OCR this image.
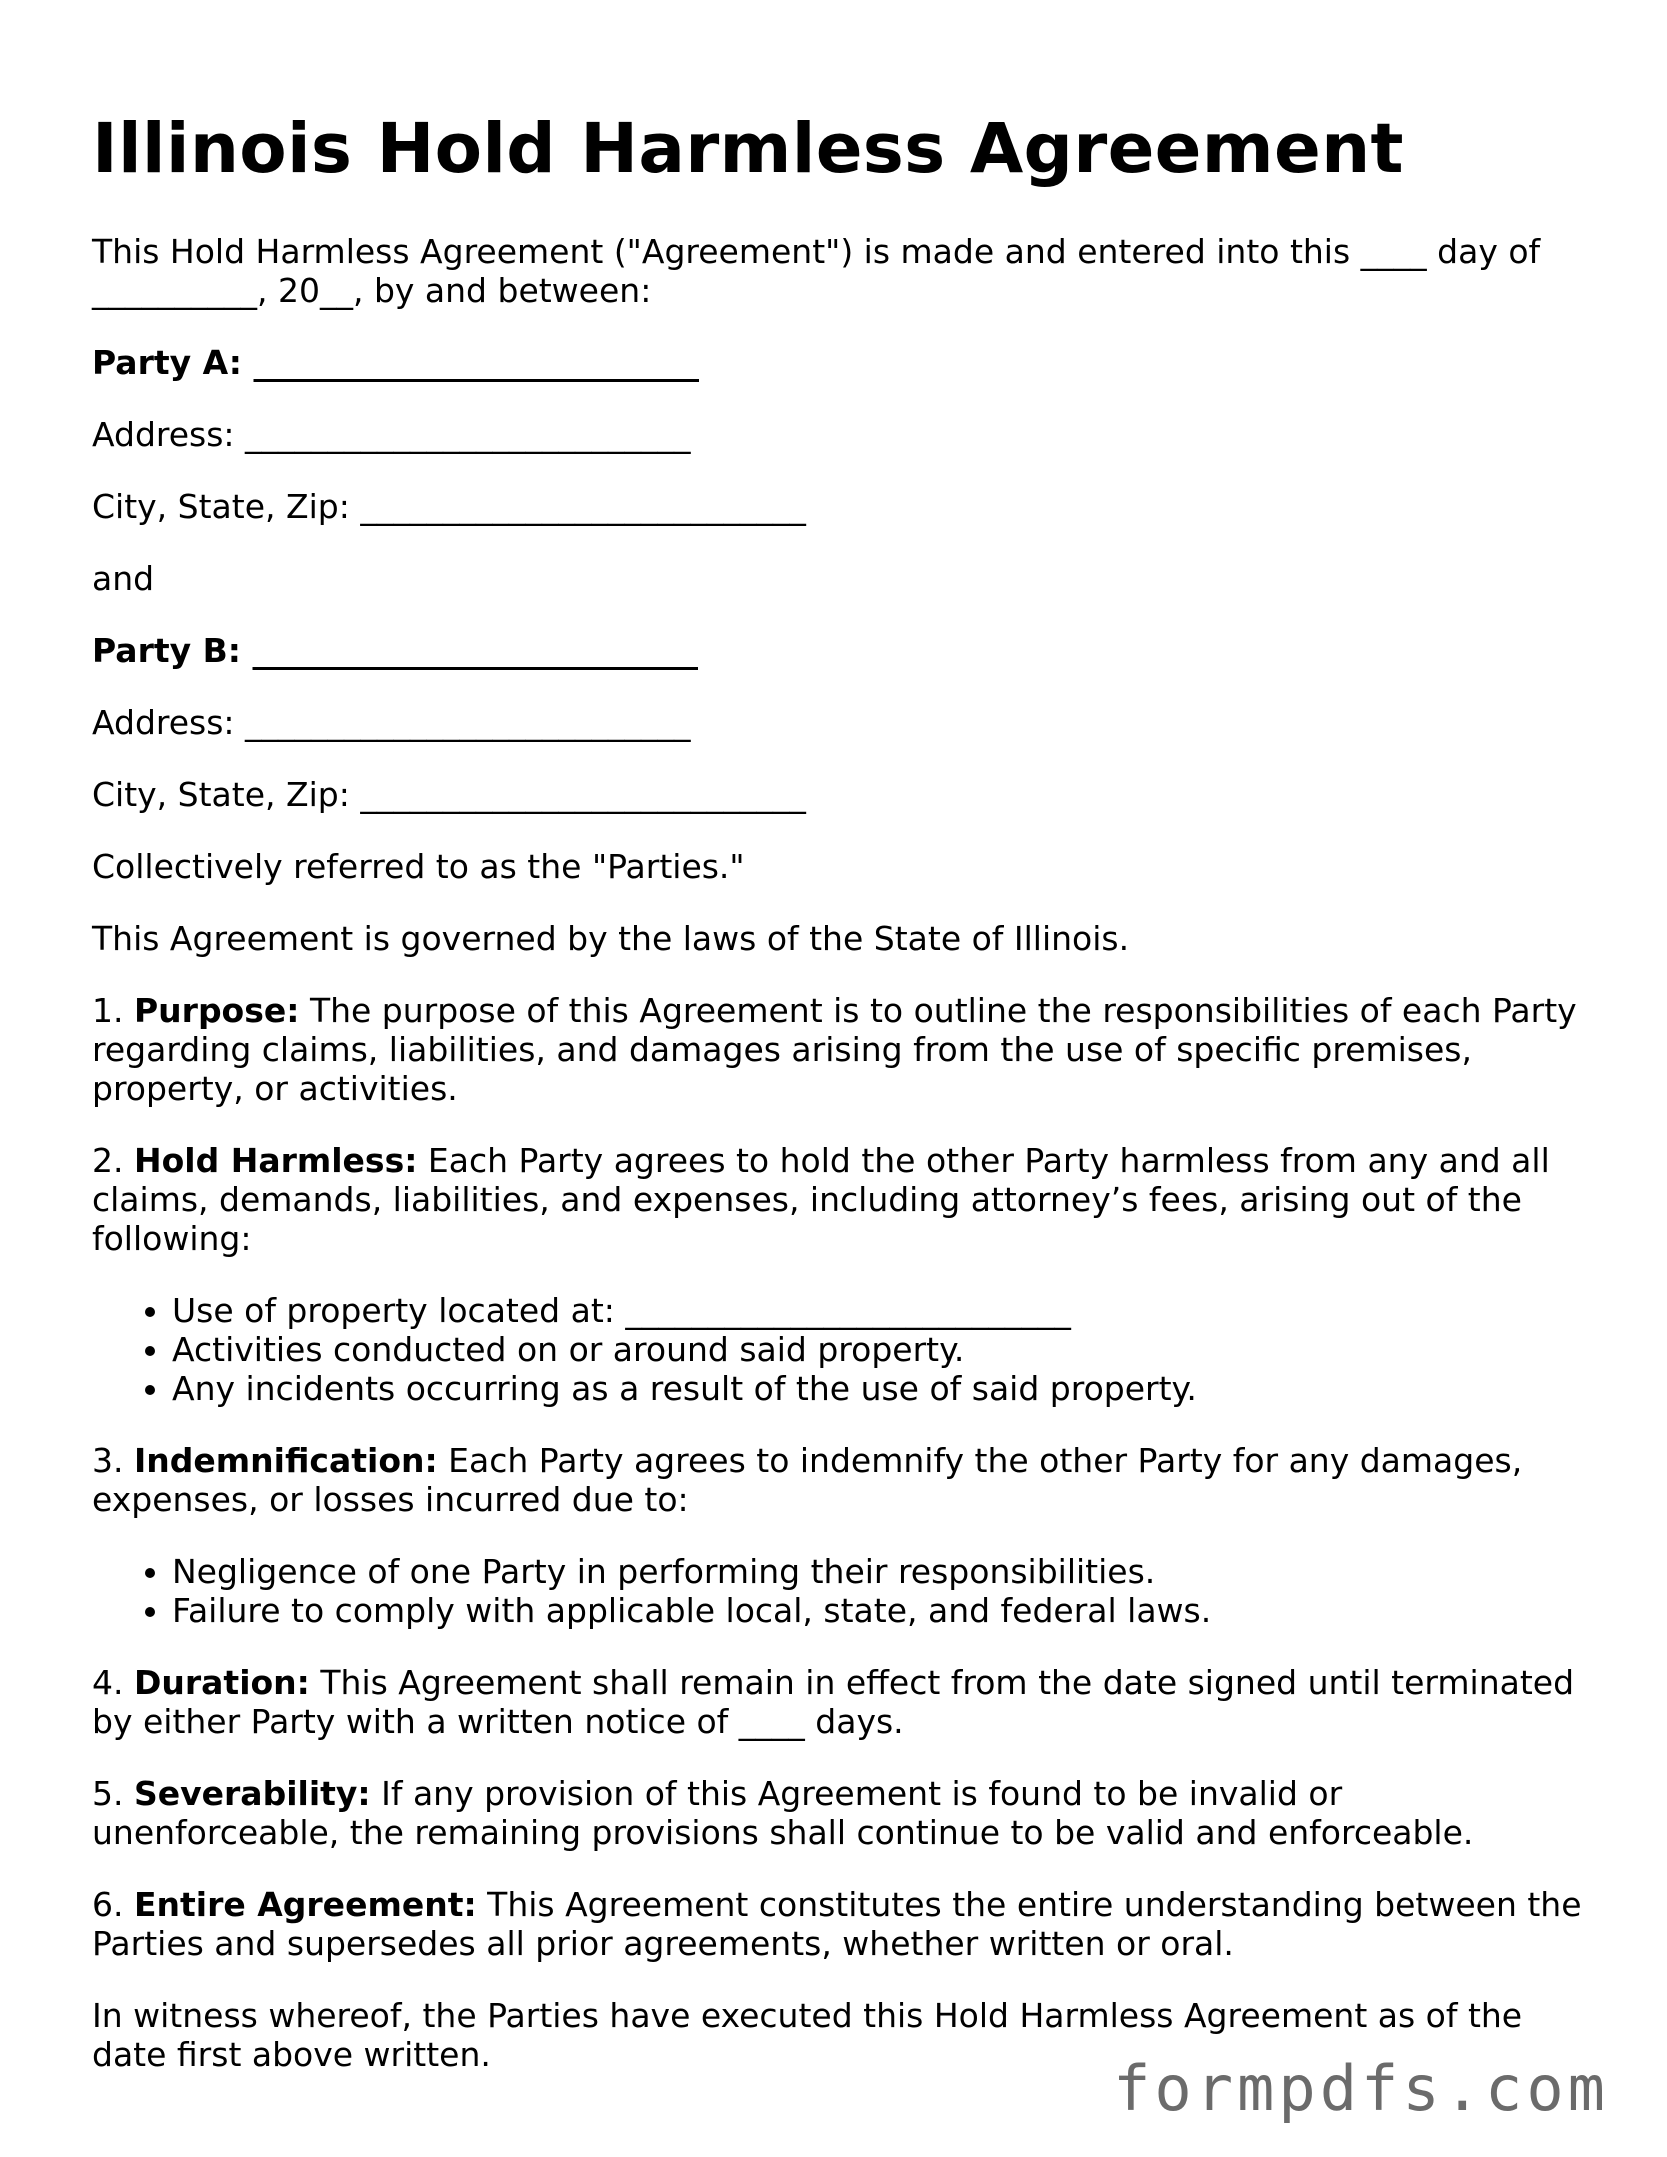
Illinois Hold Harmless Agreement

This Hold Harmless Agreement ("Agreement") is made and entered into this ____ day of __________, 20__, by and between:

Party A: ___________________________

Address: ___________________________

City, State, Zip: ___________________________

and

Party B: ___________________________

Address: ___________________________

City, State, Zip: ___________________________

Collectively referred to as the "Parties."

This Agreement is governed by the laws of the State of Illinois.

1. Purpose: The purpose of this Agreement is to outline the responsibilities of each Party regarding claims, liabilities, and damages arising from the use of specific premises, property, or activities.

2. Hold Harmless: Each Party agrees to hold the other Party harmless from any and all claims, demands, liabilities, and expenses, including attorney’s fees, arising out of the following:

• Use of property located at: ___________________________
• Activities conducted on or around said property.
• Any incidents occurring as a result of the use of said property.

3. Indemnification: Each Party agrees to indemnify the other Party for any damages, expenses, or losses incurred due to:

• Negligence of one Party in performing their responsibilities.
• Failure to comply with applicable local, state, and federal laws.

4. Duration: This Agreement shall remain in effect from the date signed until terminated by either Party with a written notice of ____ days.

5. Severability: If any provision of this Agreement is found to be invalid or unenforceable, the remaining provisions shall continue to be valid and enforceable.

6. Entire Agreement: This Agreement constitutes the entire understanding between the Parties and supersedes all prior agreements, whether written or oral.

In witness whereof, the Parties have executed this Hold Harmless Agreement as of the date first above written.	formpdfs.com
